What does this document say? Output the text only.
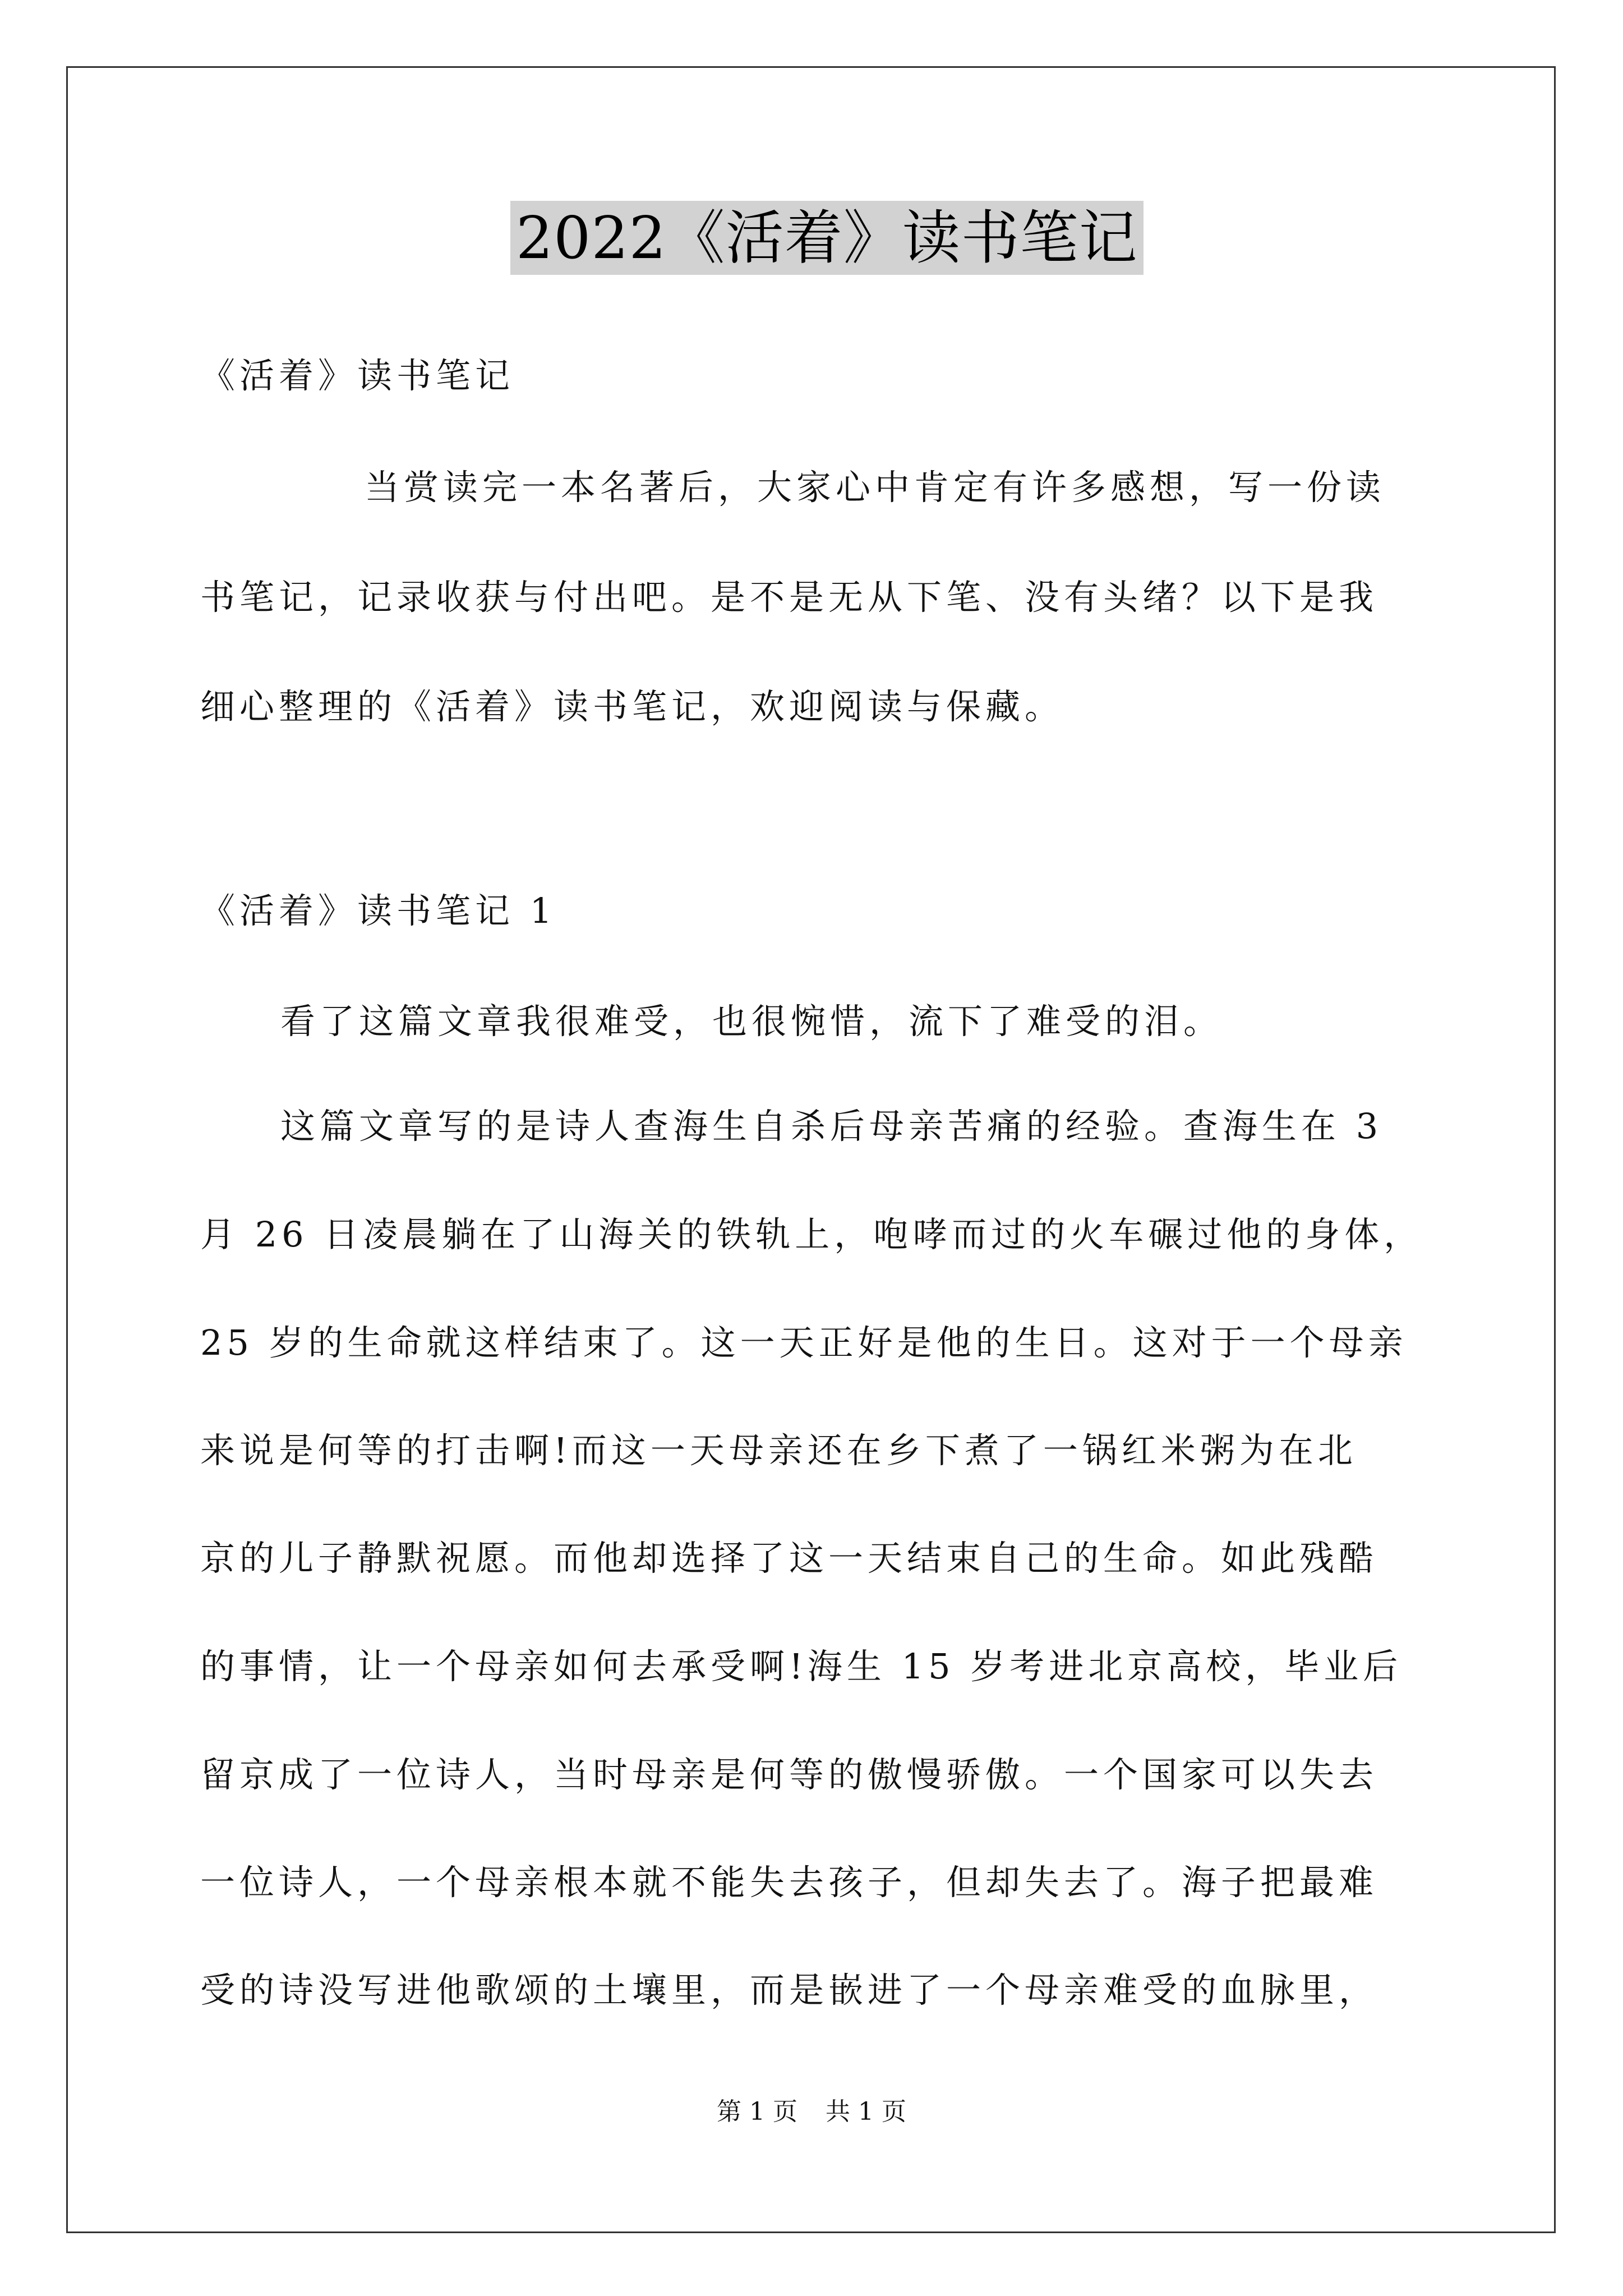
2022《活着》读书笔记
《活着》读书笔记
当赏读完一本名著后，大家心中肯定有许多感想，写一份读
书笔记，记录收获与付出吧。是不是无从下笔、没有头绪？以下是我
细心整理的《活着》读书笔记，欢迎阅读与保藏。
《活着》读书笔记 1
看了这篇文章我很难受，也很惋惜，流下了难受的泪。
这篇文章写的是诗人查海生自杀后母亲苦痛的经验。查海生在 3
月 26 日凌晨躺在了山海关的铁轨上，咆哮而过的火车碾过他的身体，
25 岁的生命就这样结束了。这一天正好是他的生日。这对于一个母亲
来说是何等的打击啊!而这一天母亲还在乡下煮了一锅红米粥为在北
京的儿子静默祝愿。而他却选择了这一天结束自己的生命。如此残酷
的事情，让一个母亲如何去承受啊!海生 15 岁考进北京高校，毕业后
留京成了一位诗人，当时母亲是何等的傲慢骄傲。一个国家可以失去
一位诗人，一个母亲根本就不能失去孩子，但却失去了。海子把最难
受的诗没写进他歌颂的土壤里，而是嵌进了一个母亲难受的血脉里，
第 1 页 共 1 页
